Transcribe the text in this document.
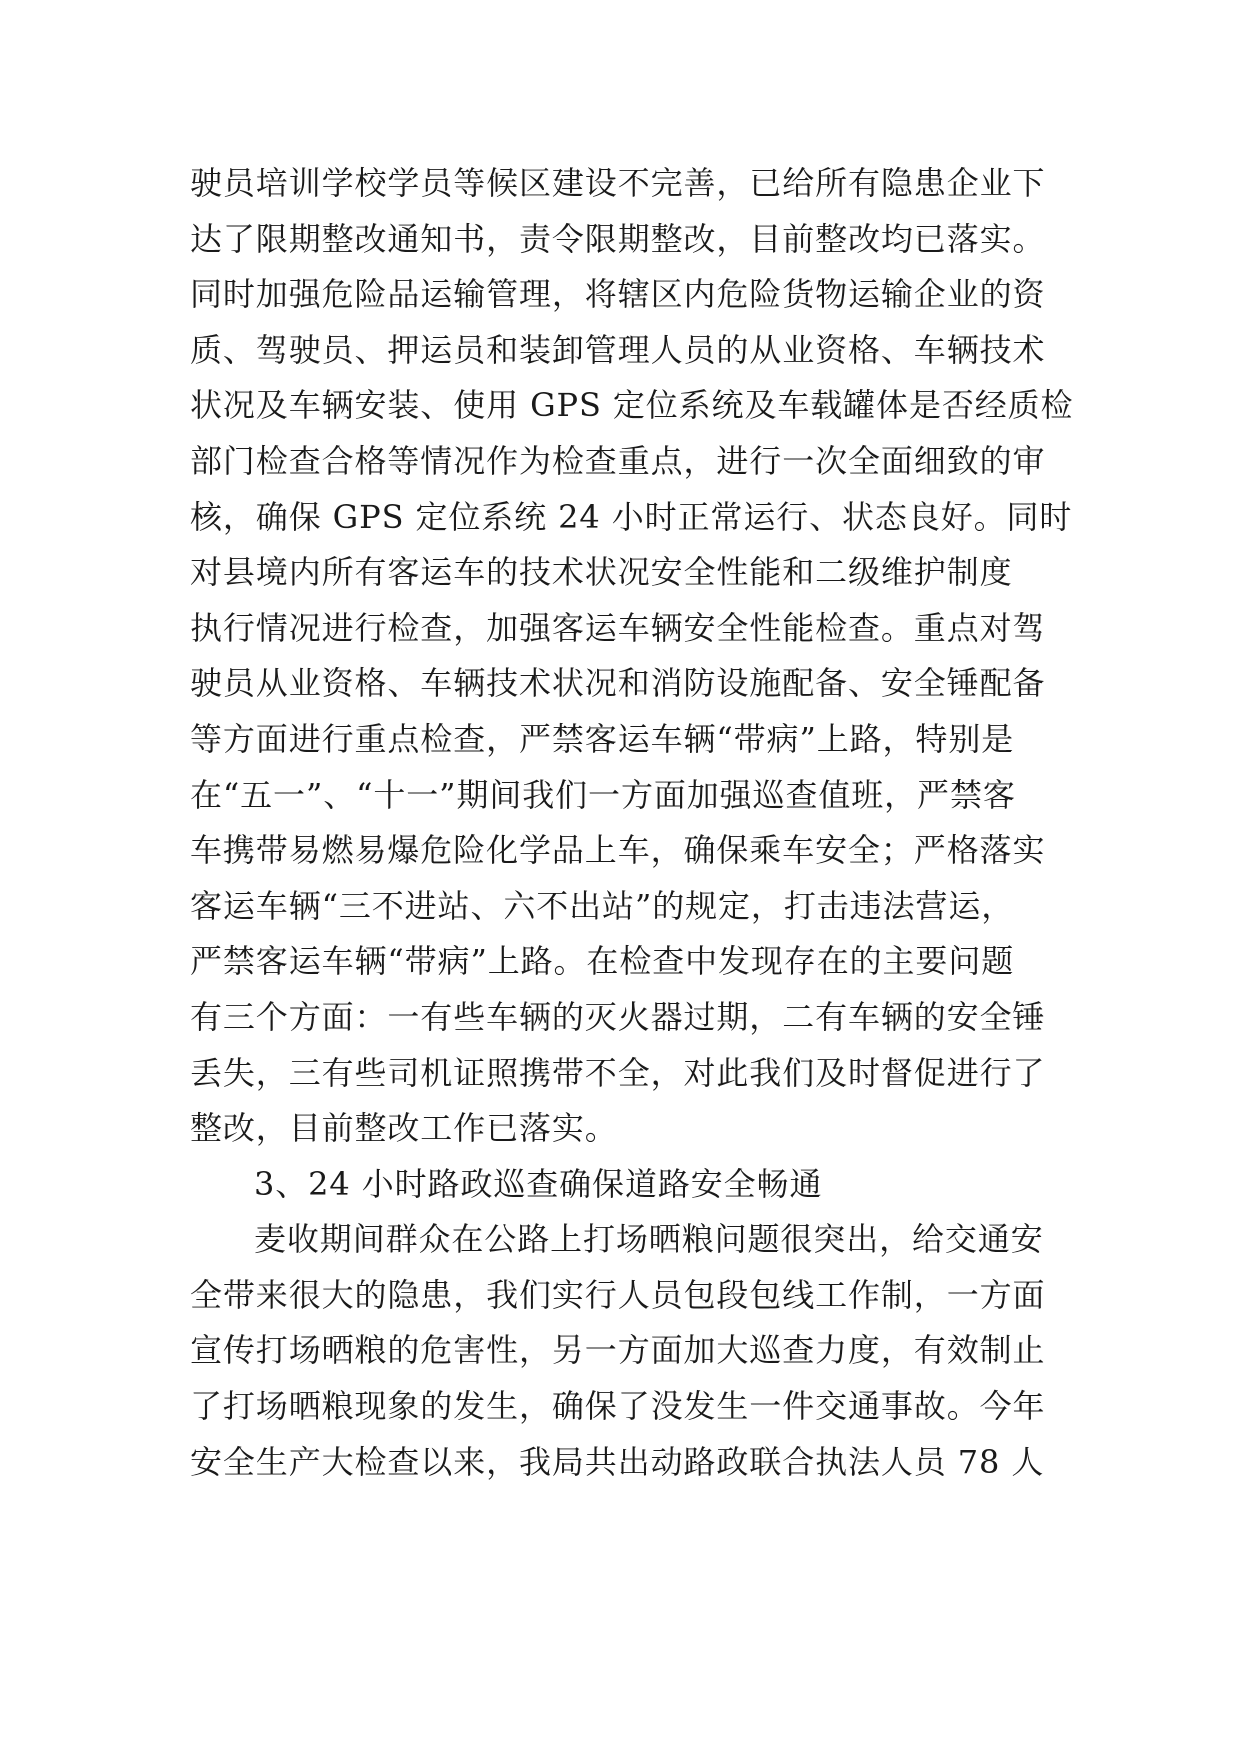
驶员培训学校学员等候区建设不完善，已给所有隐患企业下
达了限期整改通知书，责令限期整改，目前整改均已落实。
同时加强危险品运输管理，将辖区内危险货物运输企业的资
质、驾驶员、押运员和装卸管理人员的从业资格、车辆技术
状况及车辆安装、使用 GPS 定位系统及车载罐体是否经质检
部门检查合格等情况作为检查重点，进行一次全面细致的审
核，确保 GPS 定位系统 24 小时正常运行、状态良好。同时
对县境内所有客运车的技术状况安全性能和二级维护制度
执行情况进行检查，加强客运车辆安全性能检查。重点对驾
驶员从业资格、车辆技术状况和消防设施配备、安全锤配备
等方面进行重点检查，严禁客运车辆“带病”上路，特别是
在“五一”、“十一”期间我们一方面加强巡查值班，严禁客
车携带易燃易爆危险化学品上车，确保乘车安全；严格落实
客运车辆“三不进站、六不出站”的规定，打击违法营运，
严禁客运车辆“带病”上路。在检查中发现存在的主要问题
有三个方面：一有些车辆的灭火器过期，二有车辆的安全锤
丢失，三有些司机证照携带不全，对此我们及时督促进行了
整改，目前整改工作已落实。
3、24 小时路政巡查确保道路安全畅通
麦收期间群众在公路上打场晒粮问题很突出，给交通安
全带来很大的隐患，我们实行人员包段包线工作制，一方面
宣传打场晒粮的危害性，另一方面加大巡查力度，有效制止
了打场晒粮现象的发生，确保了没发生一件交通事故。今年
安全生产大检查以来，我局共出动路政联合执法人员 78 人
